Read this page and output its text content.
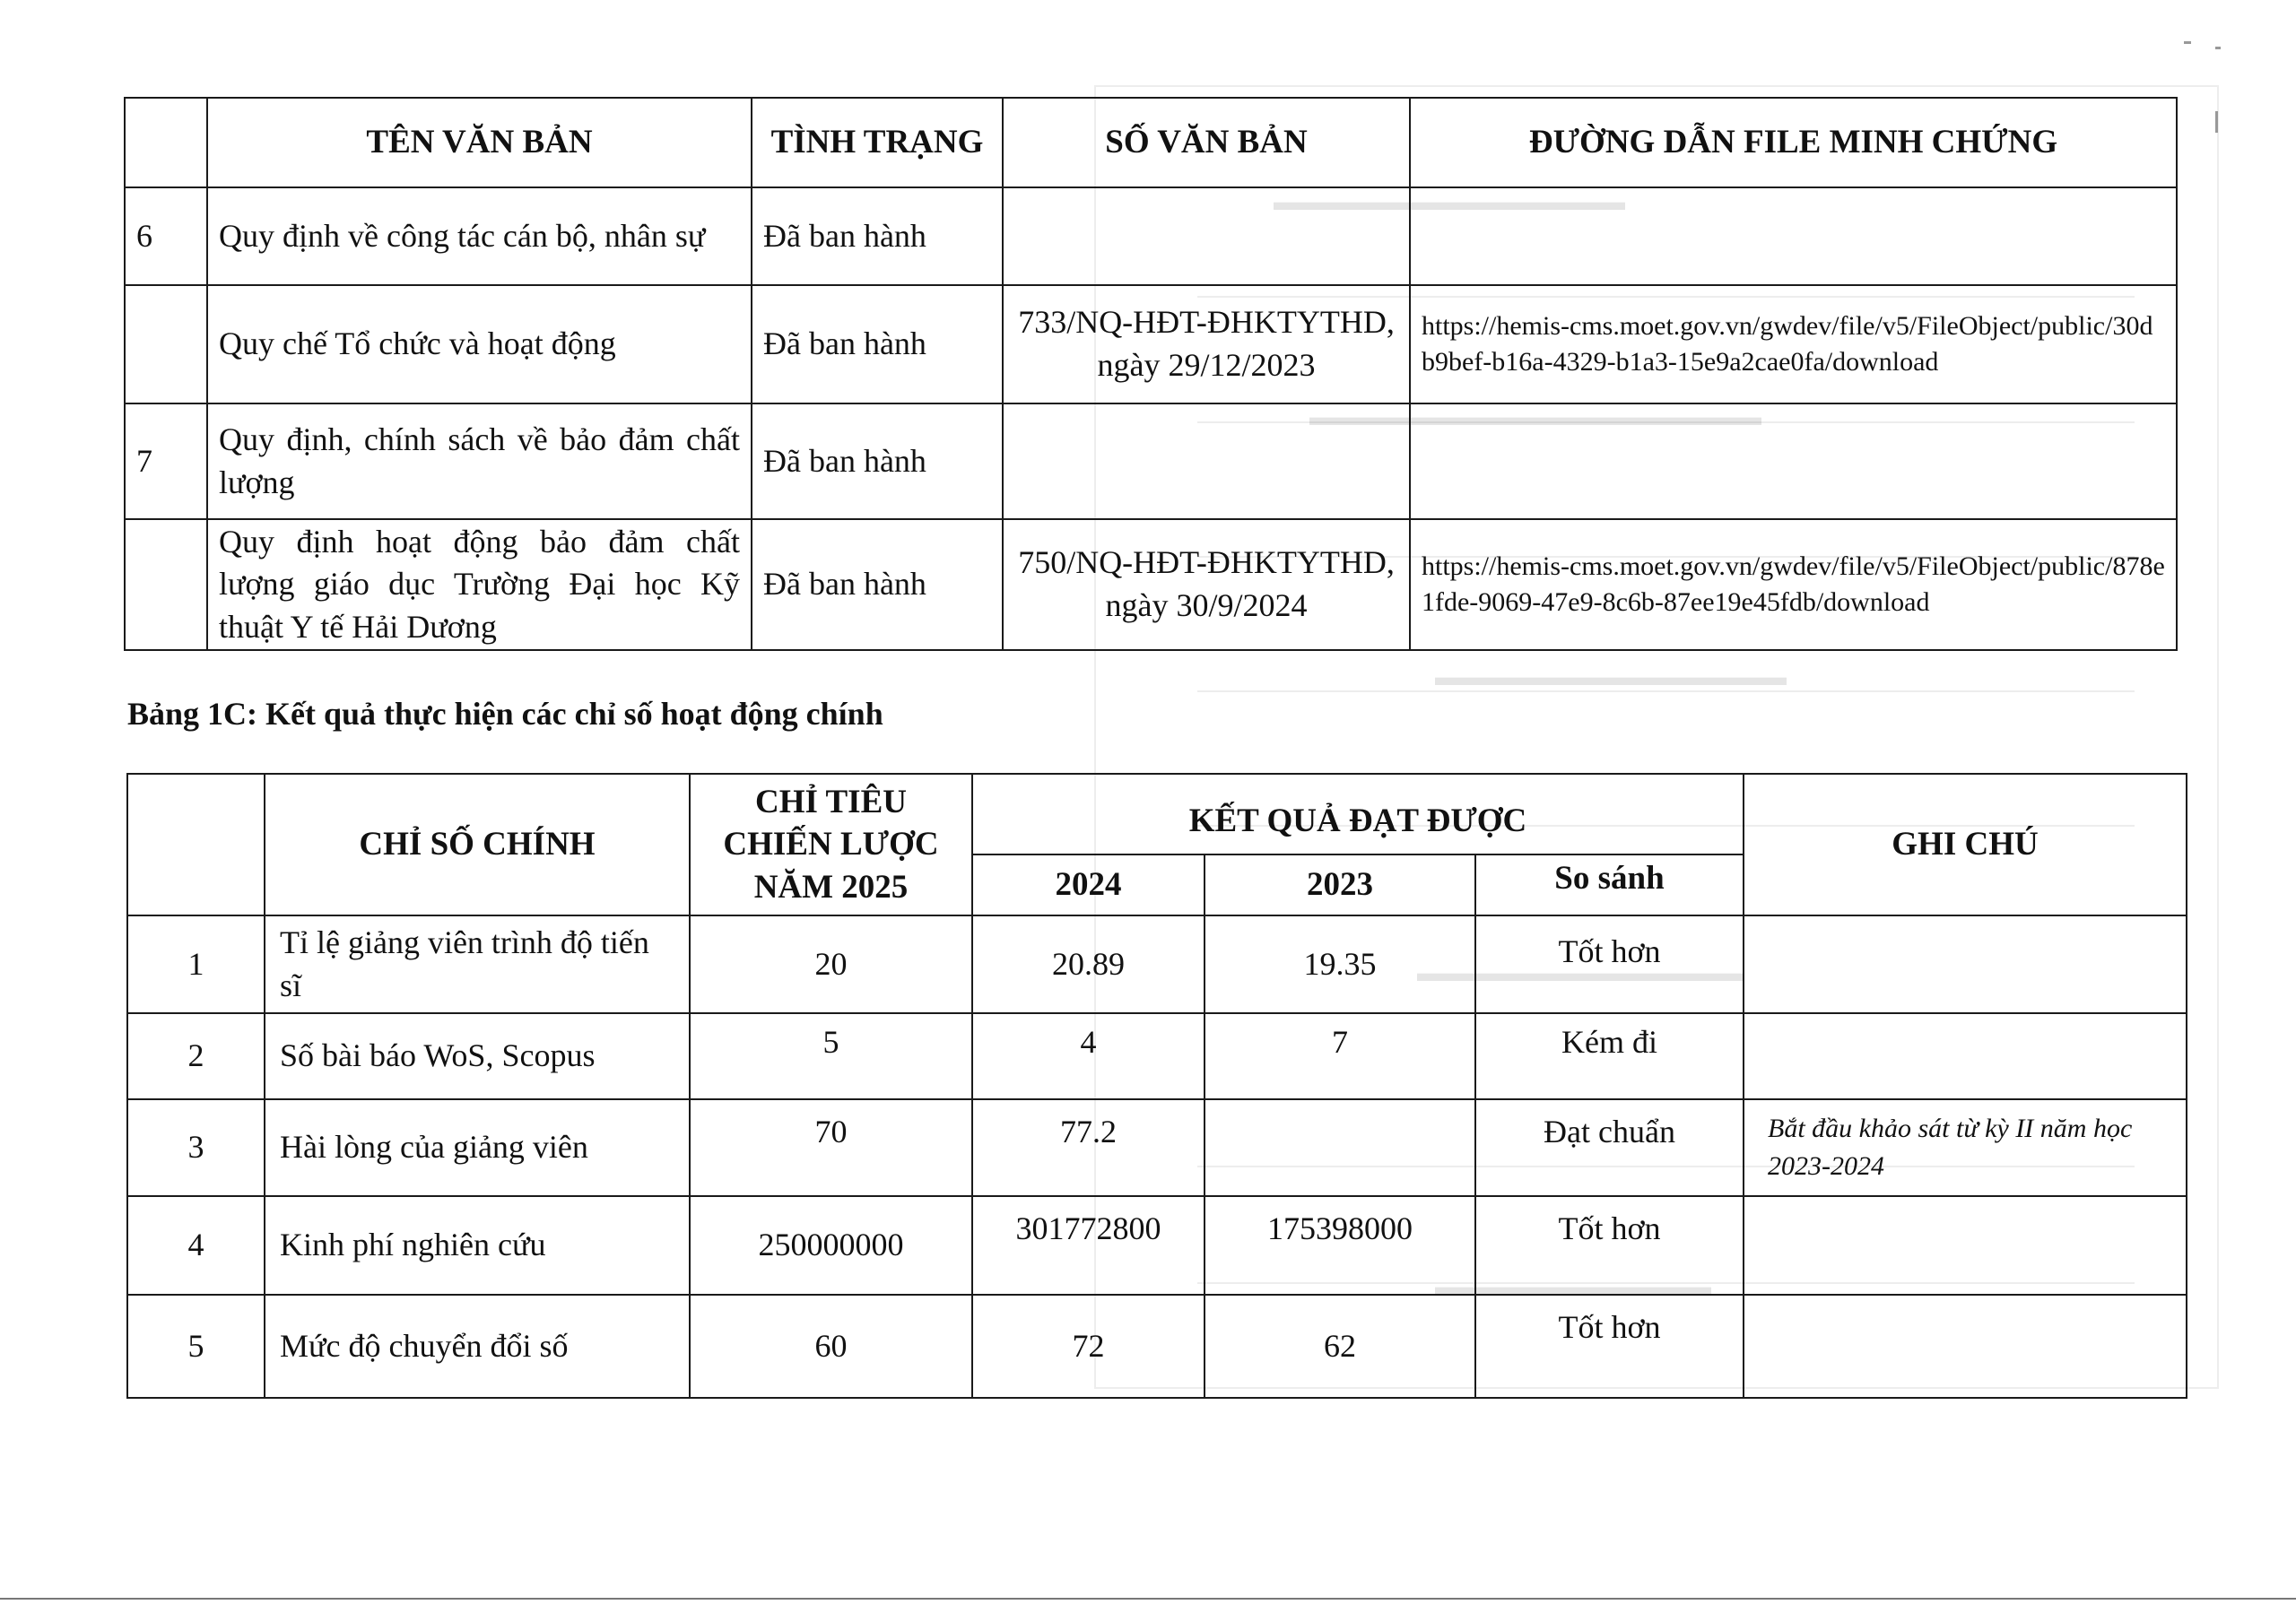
▬▬▬▬▬▬▬▬▬▬▬▬▬▬
▬▬▬▬▬▬▬▬▬▬▬▬▬▬▬▬▬▬
▬▬▬▬▬▬▬▬▬▬▬▬▬▬
▬▬▬▬▬▬▬▬▬▬▬▬▬
▬▬▬▬▬▬▬▬▬▬▬
	TÊN VĂN BẢN	TÌNH TRẠNG	SỐ VĂN BẢN	ĐƯỜNG DẪN FILE MINH CHỨNG
6	Quy định về công tác cán bộ, nhân sự	Đã ban hành		
	Quy chế Tổ chức và hoạt động	Đã ban hành	733/NQ-HĐT-ĐHKTYTHD, ngày 29/12/2023	https://hemis-cms.moet.gov.vn/gwdev/file/v5/FileObject/public/30db9bef-b16a-4329-b1a3-15e9a2cae0fa/download
7	Quy định, chính sách về bảo đảm chất lượng	Đã ban hành		
	Quy định hoạt động bảo đảm chất lượng giáo dục Trường Đại học Kỹ thuật Y tế Hải Dương	Đã ban hành	750/NQ-HĐT-ĐHKTYTHD, ngày 30/9/2024	https://hemis-cms.moet.gov.vn/gwdev/file/v5/FileObject/public/878e1fde-9069-47e9-8c6b-87ee19e45fdb/download

Bảng 1C: Kết quả thực hiện các chỉ số hoạt động chính

	CHỈ SỐ CHÍNH	CHỈ TIÊU CHIẾN LƯỢC NĂM 2025	KẾT QUẢ ĐẠT ĐƯỢC			GHI CHÚ
			2024	2023	So sánh	
1	Tỉ lệ giảng viên trình độ tiến sĩ	20	20.89	19.35	Tốt hơn	
2	Số bài báo WoS, Scopus	5	4	7	Kém đi	
3	Hài lòng của giảng viên	70	77.2		Đạt chuẩn	Bắt đầu khảo sát từ kỳ II năm học 2023-2024
4	Kinh phí nghiên cứu	250000000	301772800	175398000	Tốt hơn	
5	Mức độ chuyển đổi số	60	72	62	Tốt hơn	
